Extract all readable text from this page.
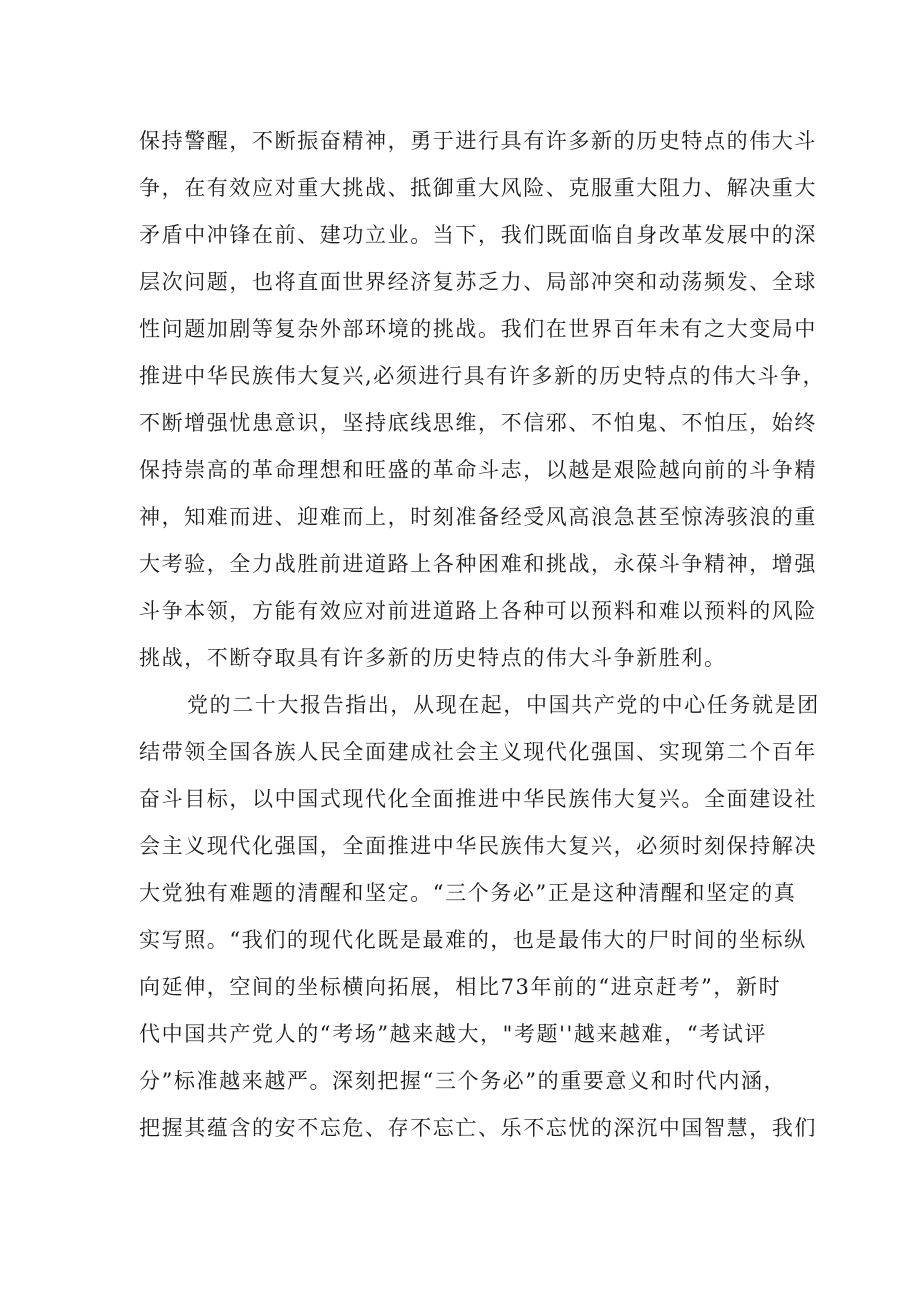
保持警醒，不断振奋精神，勇于进行具有许多新的历史特点的伟大斗
争，在有效应对重大挑战、抵御重大风险、克服重大阻力、解决重大
矛盾中冲锋在前、建功立业。当下，我们既面临自身改革发展中的深
层次问题，也将直面世界经济复苏乏力、局部冲突和动荡频发、全球
性问题加剧等复杂外部环境的挑战。我们在世界百年未有之大变局中
推进中华民族伟大复兴,必须进行具有许多新的历史特点的伟大斗争，
不断增强忧患意识，坚持底线思维，不信邪、不怕鬼、不怕压，始终
保持崇高的革命理想和旺盛的革命斗志，以越是艰险越向前的斗争精
神，知难而进、迎难而上，时刻准备经受风高浪急甚至惊涛骇浪的重
大考验，全力战胜前进道路上各种困难和挑战，永葆斗争精神，增强
斗争本领，方能有效应对前进道路上各种可以预料和难以预料的风险
挑战，不断夺取具有许多新的历史特点的伟大斗争新胜利。
党的二十大报告指出，从现在起，中国共产党的中心任务就是团
结带领全国各族人民全面建成社会主义现代化强国、实现第二个百年
奋斗目标，以中国式现代化全面推进中华民族伟大复兴。全面建设社
会主义现代化强国，全面推进中华民族伟大复兴，必须时刻保持解决
大党独有难题的清醒和坚定。“三个务必”正是这种清醒和坚定的真
实写照。“我们的现代化既是最难的，也是最伟大的尸时间的坐标纵
向延伸，空间的坐标横向拓展，相比73年前的“进京赶考”，新时
代中国共产党人的“考场”越来越大，"考题''越来越难，“考试评
分”标准越来越严。深刻把握“三个务必”的重要意义和时代内涵，
把握其蕴含的安不忘危、存不忘亡、乐不忘忧的深沉中国智慧，我们
